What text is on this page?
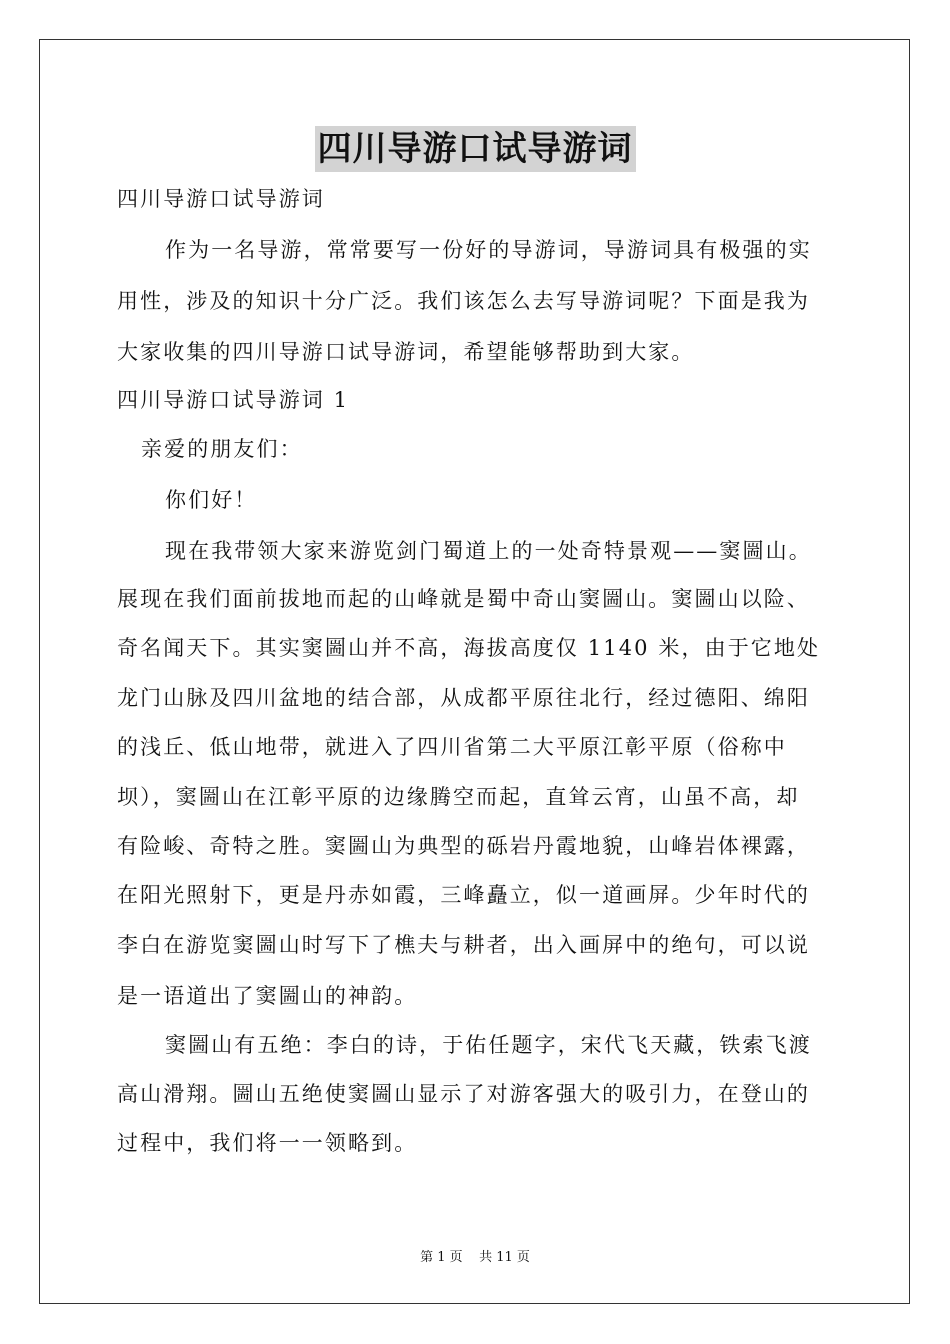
四川导游口试导游词
四川导游口试导游词
作为一名导游，常常要写一份好的导游词，导游词具有极强的实
用性，涉及的知识十分广泛。我们该怎么去写导游词呢？下面是我为
大家收集的四川导游口试导游词，希望能够帮助到大家。
四川导游口试导游词 1
亲爱的朋友们：
你们好！
现在我带领大家来游览剑门蜀道上的一处奇特景观——窦圌山。
展现在我们面前拔地而起的山峰就是蜀中奇山窦圌山。窦圌山以险、
奇名闻天下。其实窦圌山并不高，海拔高度仅 1140 米，由于它地处
龙门山脉及四川盆地的结合部，从成都平原往北行，经过德阳、绵阳
的浅丘、低山地带，就进入了四川省第二大平原江彰平原（俗称中
坝），窦圌山在江彰平原的边缘腾空而起，直耸云宵，山虽不高，却
有险峻、奇特之胜。窦圌山为典型的砾岩丹霞地貌，山峰岩体裸露，
在阳光照射下，更是丹赤如霞，三峰矗立，似一道画屏。少年时代的
李白在游览窦圌山时写下了樵夫与耕者，出入画屏中的绝句，可以说
是一语道出了窦圌山的神韵。
窦圌山有五绝：李白的诗，于佑任题字，宋代飞天藏，铁索飞渡
高山滑翔。圌山五绝使窦圌山显示了对游客强大的吸引力，在登山的
过程中，我们将一一领略到。
第 1 页    共 11 页
